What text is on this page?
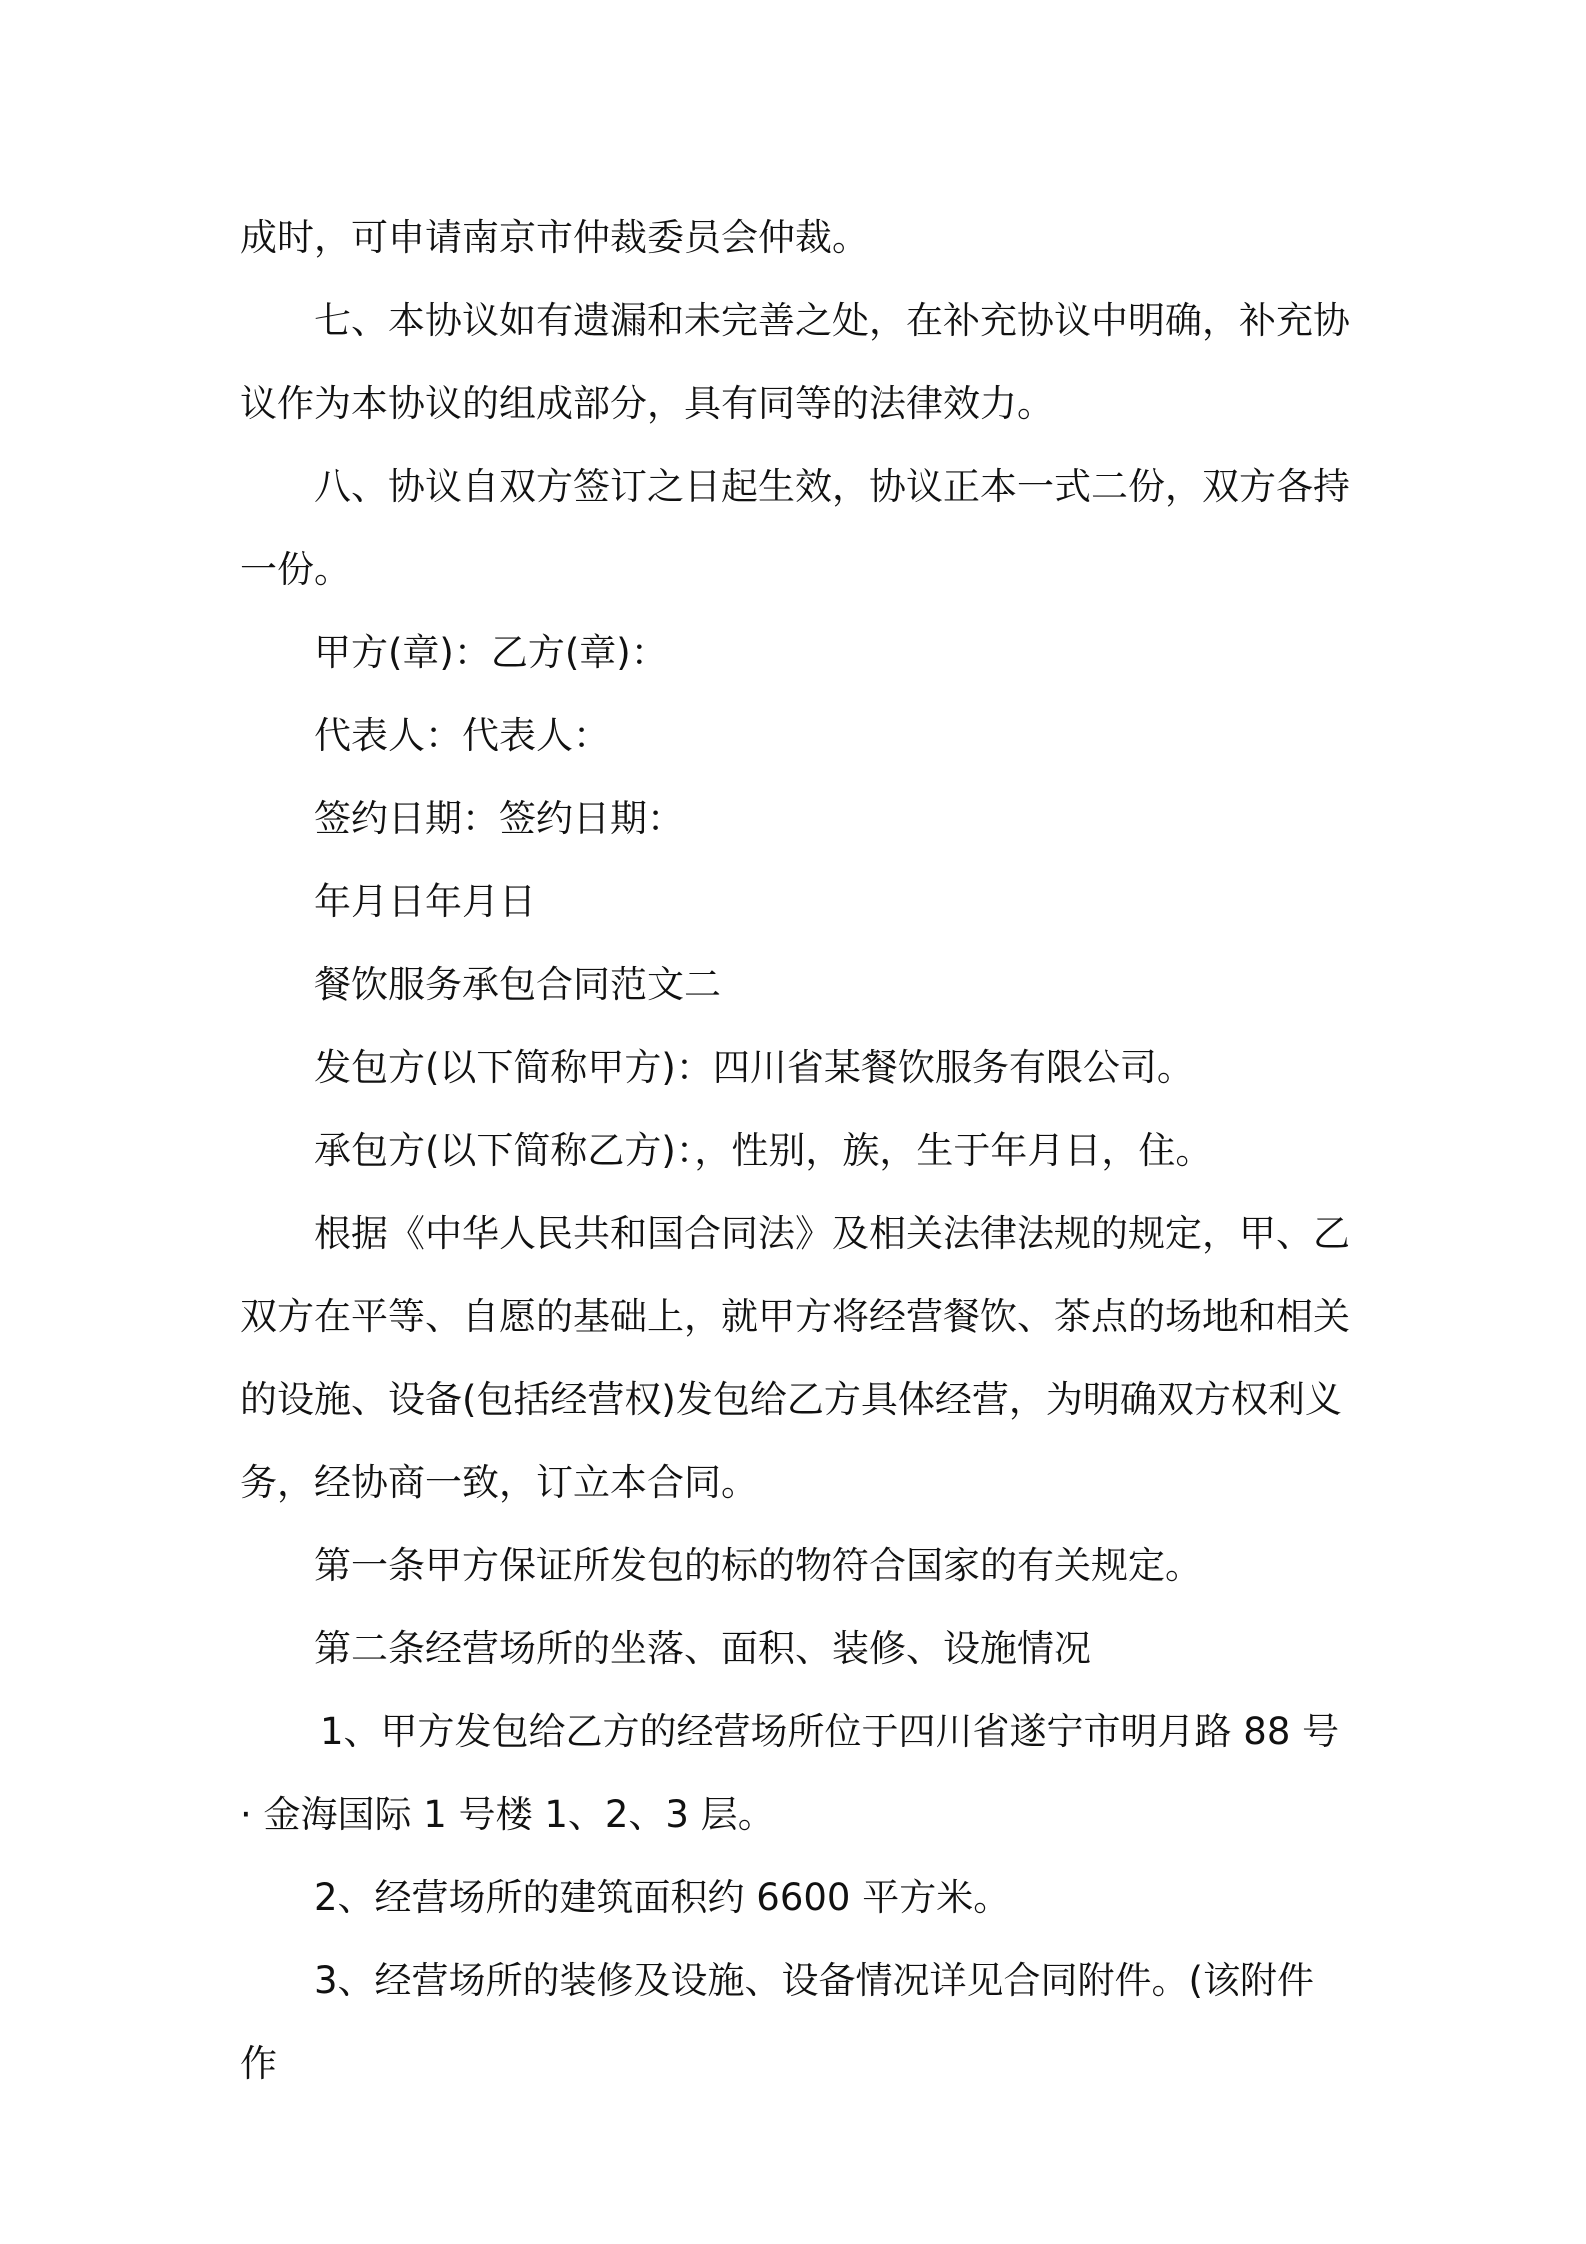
成时，可申请南京市仲裁委员会仲裁。

七、本协议如有遗漏和未完善之处，在补充协议中明确，补充协议作为本协议的组成部分，具有同等的法律效力。

八、协议自双方签订之日起生效，协议正本一式二份，双方各持一份。

甲方(章)：乙方(章)：

代表人：代表人：

签约日期：签约日期：

年月日年月日

餐饮服务承包合同范文二

发包方(以下简称甲方)：四川省某餐饮服务有限公司。

承包方(以下简称乙方)：，性别，族，生于年月日，住。

根据《中华人民共和国合同法》及相关法律法规的规定，甲、乙双方在平等、自愿的基础上，就甲方将经营餐饮、茶点的场地和相关的设施、设备(包括经营权)发包给乙方具体经营，为明确双方权利义务，经协商一致，订立本合同。

第一条甲方保证所发包的标的物符合国家的有关规定。

第二条经营场所的坐落、面积、装修、设施情况

1、甲方发包给乙方的经营场所位于四川省遂宁市明月路 88 号· 金海国际 1 号楼 1、2、3 层。

2、经营场所的建筑面积约 6600 平方米。

3、经营场所的装修及设施、设备情况详见合同附件。(该附件作
